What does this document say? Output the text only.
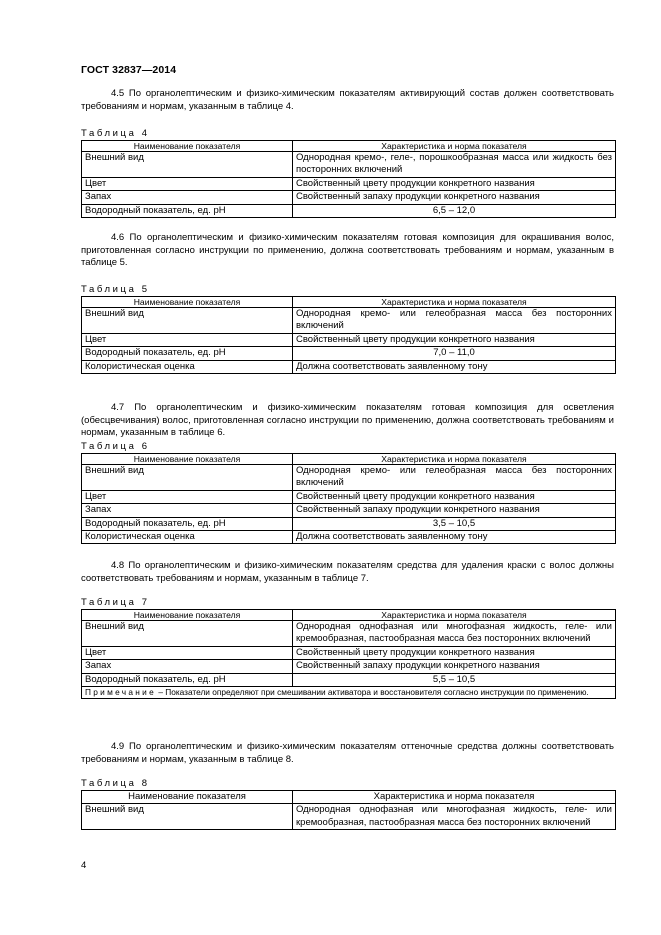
ГОСТ 32837—2014
4.5 По органолептическим и физико-химическим показателям активирующий состав должен соответствовать требованиям и нормам, указанным в таблице 4.
Таблица 4
Наименование показателя	Характеристика и норма показателя
Внешний вид	Однородная кремо-, геле-, порошкообразная масса или жидкость без посторонних включений
Цвет	Свойственный цвету продукции конкретного названия
Запах	Свойственный запаху продукции конкретного названия
Водородный показатель, ед. рН	6,5 – 12,0
4.6 По органолептическим и физико-химическим показателям готовая композиция для окрашивания волос, приготовленная согласно инструкции по применению, должна соответствовать требованиям и нормам, указанным в таблице 5.
Таблица 5
Наименование показателя	Характеристика и норма показателя
Внешний вид	Однородная кремо- или гелеобразная масса без посторонних включений
Цвет	Свойственный цвету продукции конкретного названия
Водородный показатель, ед. рН	7,0 – 11,0
Колористическая оценка	Должна соответствовать заявленному тону
4.7 По органолептическим и физико-химическим показателям готовая композиция для осветления (обесцвечивания) волос, приготовленная согласно инструкции по применению, должна соответствовать требованиям и нормам, указанным в таблице 6.
Таблица 6
Наименование показателя	Характеристика и норма показателя
Внешний вид	Однородная кремо- или гелеобразная масса без посторонних включений
Цвет	Свойственный цвету продукции конкретного названия
Запах	Свойственный запаху продукции конкретного названия
Водородный показатель, ед. рН	3,5 – 10,5
Колористическая оценка	Должна соответствовать заявленному тону
4.8 По органолептическим и физико-химическим показателям средства для удаления краски с волос должны соответствовать требованиям и нормам, указанным в таблице 7.
Таблица 7
Наименование показателя	Характеристика и норма показателя
Внешний вид	Однородная однофазная или многофазная жидкость, геле- или кремообразная, пастообразная масса без посторонних включений
Цвет	Свойственный цвету продукции конкретного названия
Запах	Свойственный запаху продукции конкретного названия
Водородный показатель, ед. рН	5,5 – 10,5
Примечание – Показатели определяют при смешивании активатора и восстановителя согласно инструкции по применению.	
4.9 По органолептическим и физико-химическим показателям оттеночные средства должны соответствовать требованиям и нормам, указанным в таблице 8.
Таблица 8
Наименование показателя	Характеристика и норма показателя
Внешний вид	Однородная однофазная или многофазная жидкость, геле- или кремообразная, пастообразная масса без посторонних включений
4
